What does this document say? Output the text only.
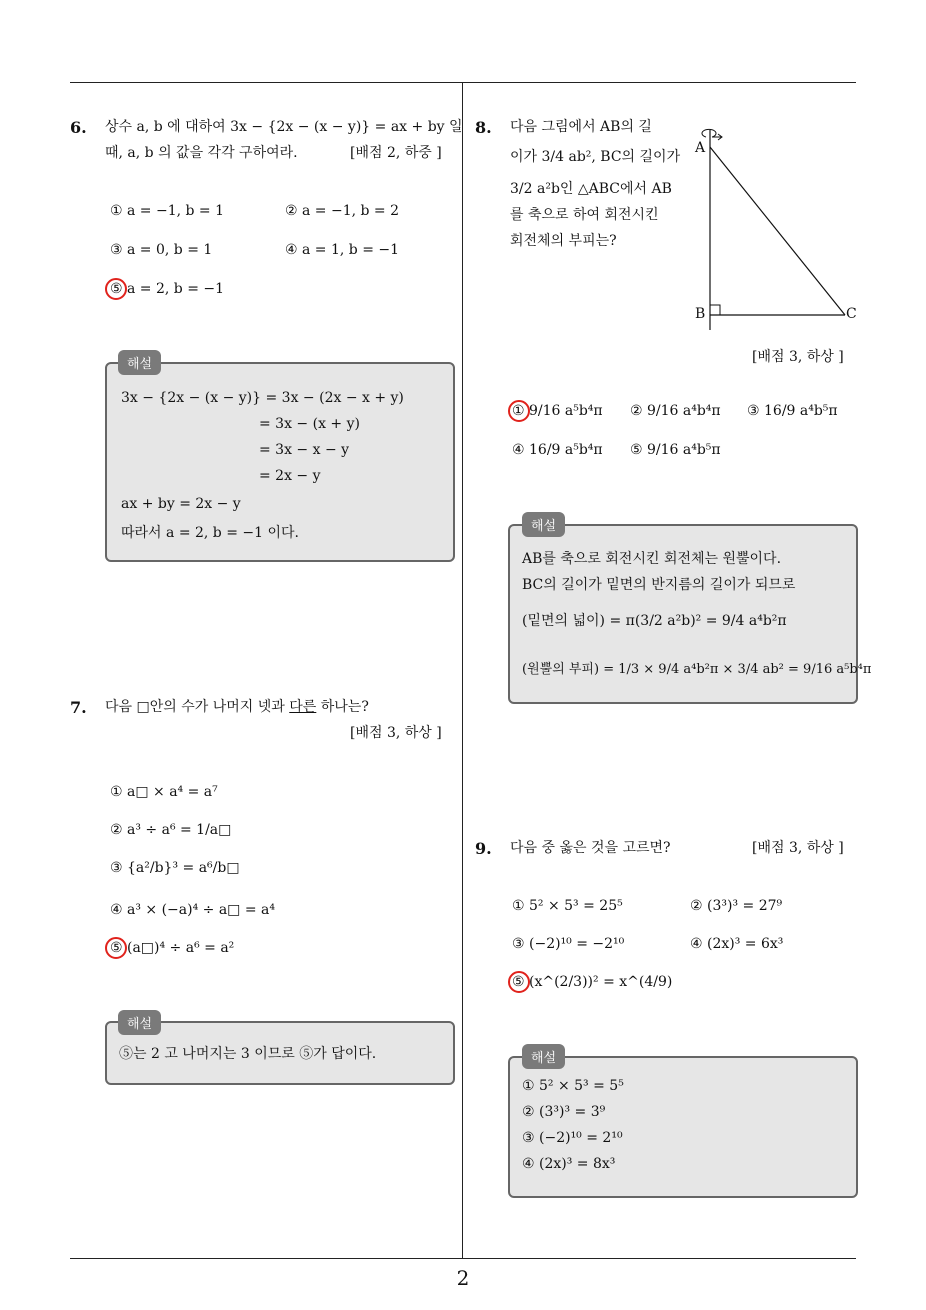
2
6. 상수 a, b 에 대하여 3x − {2x − (x − y)} = ax + by 일
때, a, b 의 값을 각각 구하여라.	[배점 2, 하중 ]
① a = −1, b = 1	② a = −1, b = 2
③ a = 0, b = 1	④ a = 1, b = −1
⑤ a = 2, b = −1
3x − {2x − (x − y)} = 3x − (2x − x + y)
= 3x − (x + y)
= 3x − x − y
= 2x − y
ax + by = 2x − y
따라서 a = 2, b = −1 이다.
해설
7. 다음 □안의 수가 나머지 넷과 다른 하나는?
[배점 3, 하상 ]
① a□ × a⁴ = a⁷
② a³ ÷ a⁶ = 1/a□
③ {a²/b}³ = a⁶/b□
④ a³ × (−a)⁴ ÷ a□ = a⁴
⑤ (a□)⁴ ÷ a⁶ = a²
⑤는 2 고 나머지는 3 이므로 ⑤가 답이다.
해설
8. 다음 그림에서 AB의 길
이가 3/4 ab², BC의 길이가
3/2 a²b인 △ABC에서 AB
를 축으로 하여 회전시킨
회전체의 부피는?
A
B	C
[배점 3, 하상 ]
① 9/16 a⁵b⁴π ② 9/16 a⁴b⁴π ③ 16/9 a⁴b⁵π
④ 16/9 a⁵b⁴π ⑤ 9/16 a⁴b⁵π
AB를 축으로 회전시킨 회전체는 원뿔이다.
BC의 길이가 밑면의 반지름의 길이가 되므로
(밑면의 넓이) = π(3/2 a²b)² = 9/4 a⁴b²π
(원뿔의 부피) = 1/3 × 9/4 a⁴b²π × 3/4 ab² = 9/16 a⁵b⁴π
해설
9. 다음 중 옳은 것을 고르면?	[배점 3, 하상 ]
① 5² × 5³ = 25⁵	② (3³)³ = 27⁹
③ (−2)¹⁰ = −2¹⁰	④ (2x)³ = 6x³
⑤ (x^(2/3))² = x^(4/9)
① 5² × 5³ = 5⁵
② (3³)³ = 3⁹
③ (−2)¹⁰ = 2¹⁰
④ (2x)³ = 8x³
해설
